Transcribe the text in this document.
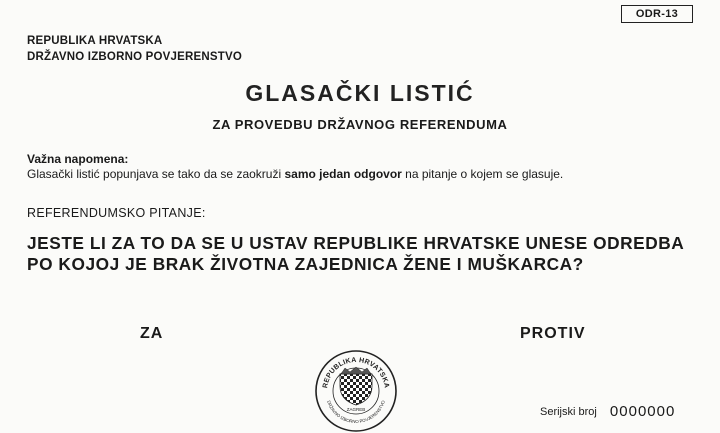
ODR-13
REPUBLIKA HRVATSKA
DRŽAVNO IZBORNO POVJERENSTVO
GLASAČKI LISTIĆ
ZA PROVEDBU DRŽAVNOG REFERENDUMA
Važna napomena:
Glasački listić popunjava se tako da se zaokruži samo jedan odgovor na pitanje o kojem se glasuje.
REFERENDUMSKO PITANJE:
JESTE LI ZA TO DA SE U USTAV REPUBLIKE HRVATSKE UNESE ODREDBA
PO KOJOJ JE BRAK ŽIVOTNA ZAJEDNICA ŽENE I MUŠKARCA?
ZA	PROTIV
REPUBLIKA HRVATSKA
DRŽAVNO IZBORNO POVJERENSTVO
ZAGREB	Serijski broj 0000000
